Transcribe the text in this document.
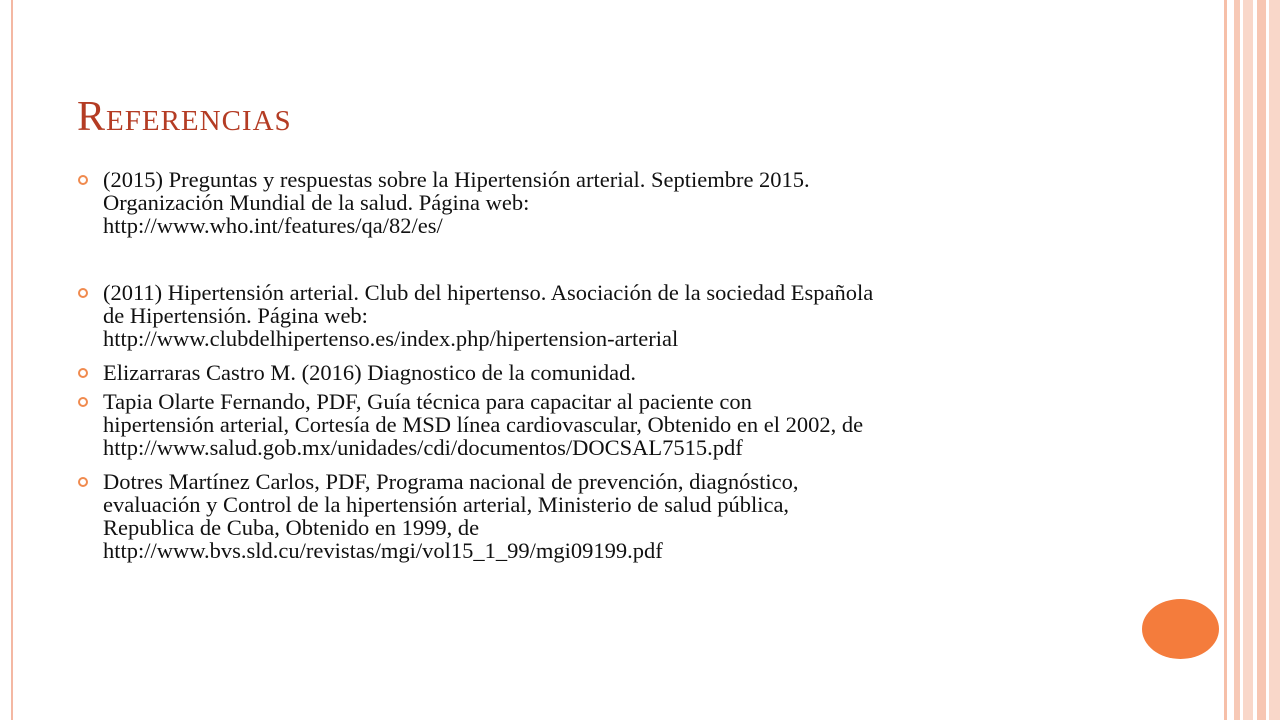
Referencias
(2015) Preguntas y respuestas sobre la Hipertensión arterial. Septiembre 2015.
Organización Mundial de la salud. Página web:
http://www.who.int/features/qa/82/es/
(2011) Hipertensión arterial. Club del hipertenso. Asociación de la sociedad Española
de Hipertensión. Página web:
http://www.clubdelhipertenso.es/index.php/hipertension-arterial
Elizarraras Castro M. (2016) Diagnostico de la comunidad.
Tapia Olarte Fernando, PDF, Guía técnica para capacitar al paciente con
hipertensión arterial, Cortesía de MSD línea cardiovascular, Obtenido en el 2002, de
http://www.salud.gob.mx/unidades/cdi/documentos/DOCSAL7515.pdf
Dotres Martínez Carlos, PDF, Programa nacional de prevención, diagnóstico,
evaluación y Control de la hipertensión arterial, Ministerio de salud pública,
Republica de Cuba, Obtenido en 1999, de
http://www.bvs.sld.cu/revistas/mgi/vol15_1_99/mgi09199.pdf
